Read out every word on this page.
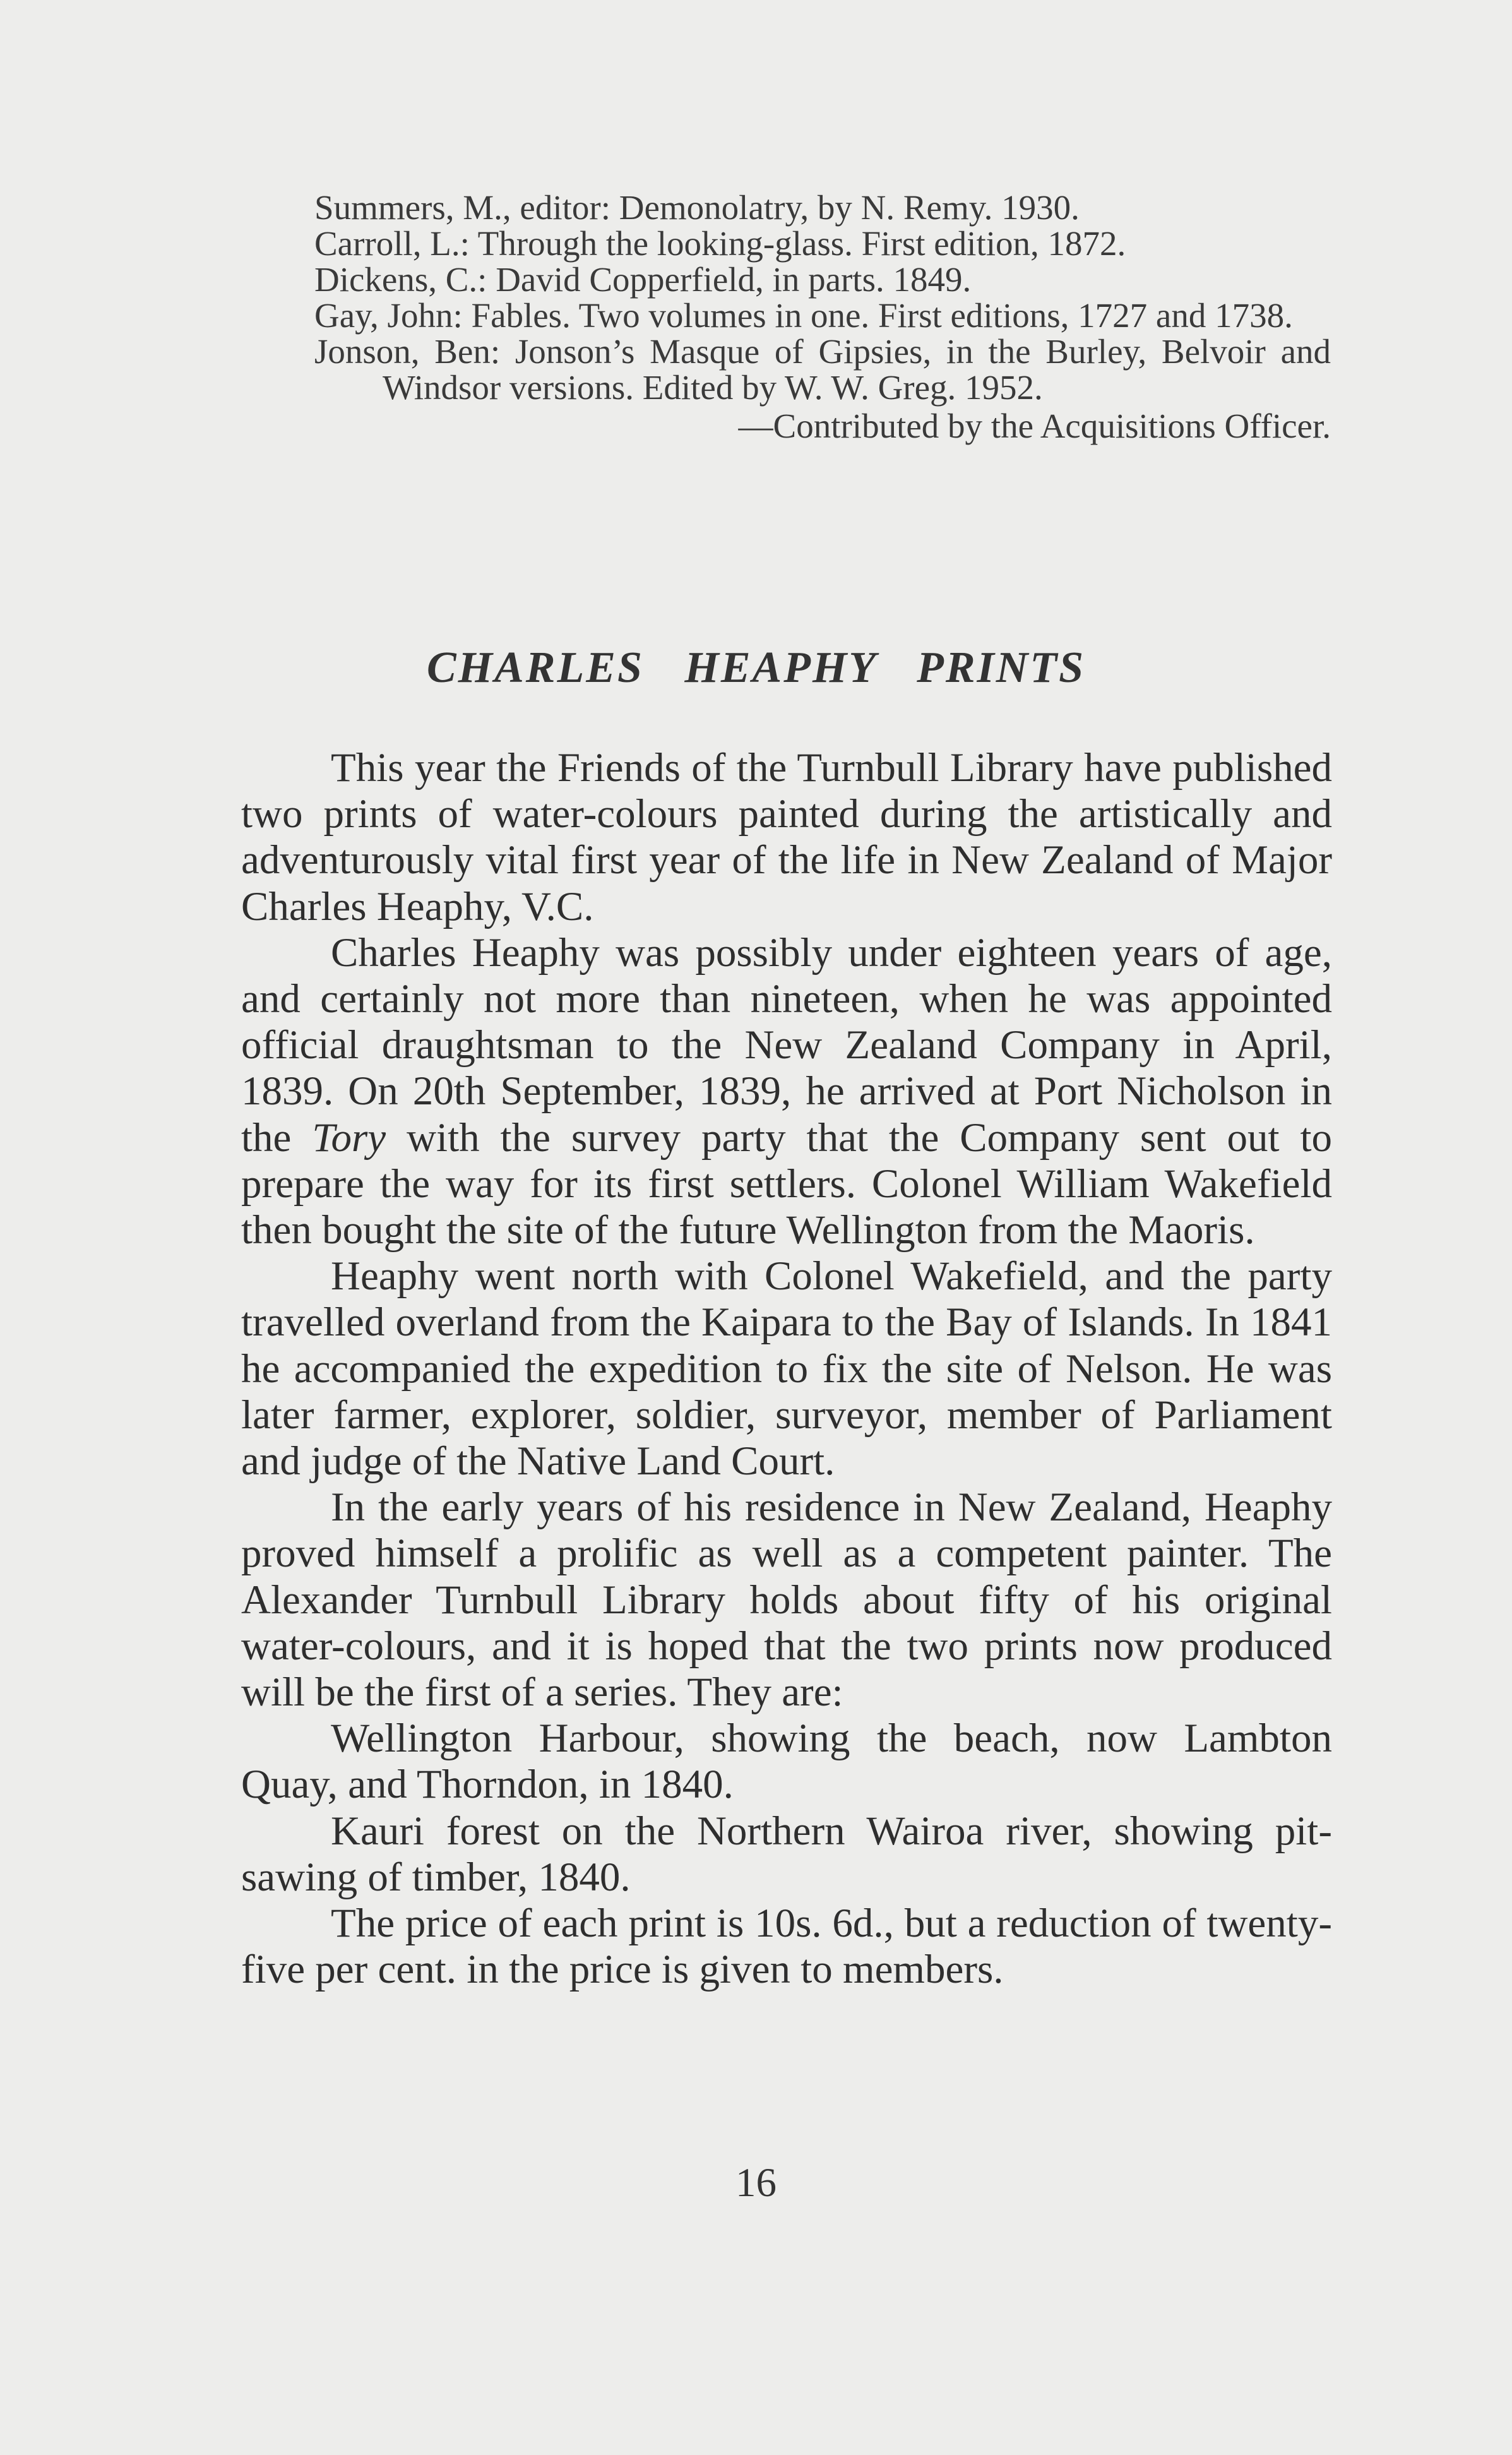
Summers, M., editor: Demonolatry, by N. Remy. 1930.

Carroll, L.: Through the looking-glass. First edition, 1872.

Dickens, C.: David Copperfield, in parts. 1849.

Gay, John: Fables. Two volumes in one. First editions, 1727 and 1738.

Jonson, Ben: Jonson’s Masque of Gipsies, in the Burley, Belvoir and Windsor versions. Edited by W. W. Greg. 1952.

—Contributed by the Acquisitions Officer.

CHARLES HEAPHY PRINTS

This year the Friends of the Turnbull Library have published two prints of water-colours painted during the artistically and adventurously vital first year of the life in New Zealand of Major Charles Heaphy, V.C.

Charles Heaphy was possibly under eighteen years of age, and certainly not more than nineteen, when he was appointed official draughtsman to the New Zealand Company in April, 1839. On 20th September, 1839, he arrived at Port Nicholson in the Tory with the survey party that the Company sent out to prepare the way for its first settlers. Colonel William Wakefield then bought the site of the future Wellington from the Maoris.

Heaphy went north with Colonel Wakefield, and the party travelled overland from the Kaipara to the Bay of Islands. In 1841 he accompanied the expedition to fix the site of Nelson. He was later farmer, explorer, soldier, surveyor, member of Parliament and judge of the Native Land Court.

In the early years of his residence in New Zealand, Heaphy proved himself a prolific as well as a competent painter. The Alexander Turnbull Library holds about fifty of his original water-colours, and it is hoped that the two prints now produced will be the first of a series. They are:

Wellington Harbour, showing the beach, now Lambton Quay, and Thorndon, in 1840.

Kauri forest on the Northern Wairoa river, showing pit-sawing of timber, 1840.

The price of each print is 10s. 6d., but a reduction of twenty-five per cent. in the price is given to members.

16
